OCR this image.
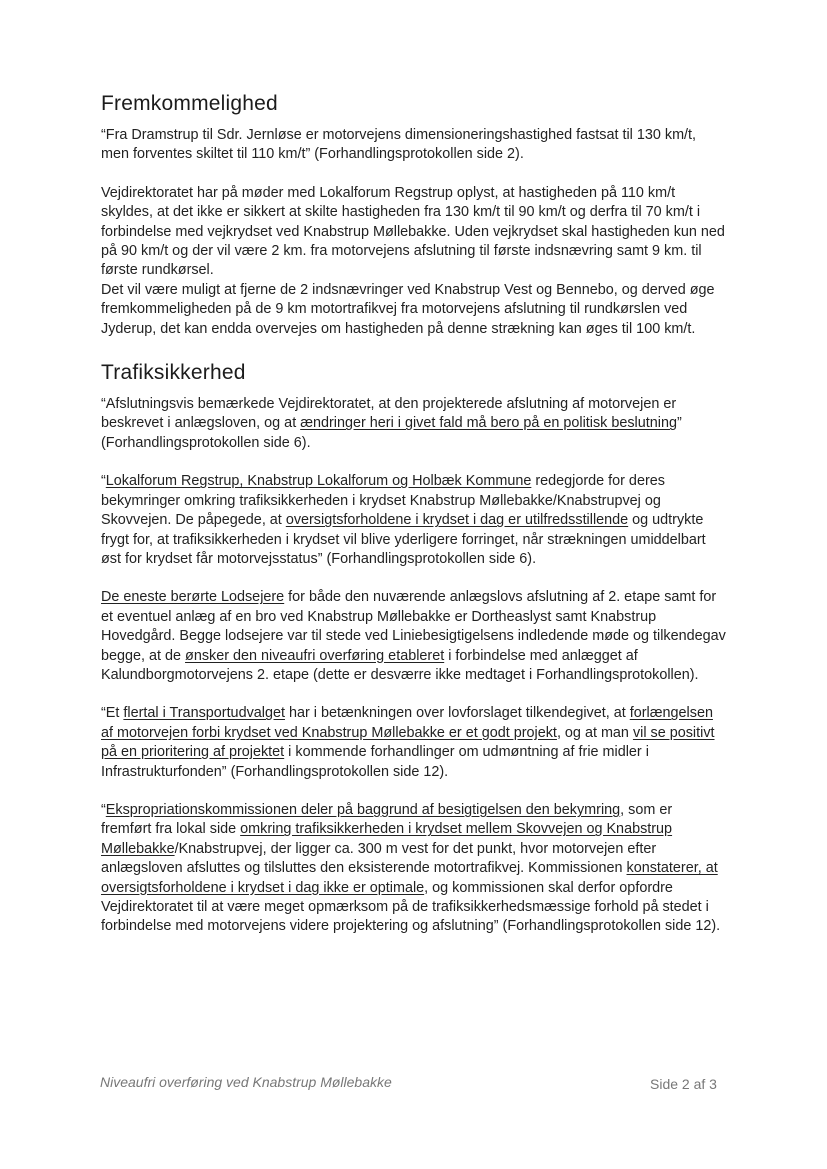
Fremkommelighed

“Fra Dramstrup til Sdr. Jernløse er motorvejens dimensioneringshastighed fastsat til 130 km/t, men forventes skiltet til 110 km/t” (Forhandlingsprotokollen side 2).

Vejdirektoratet har på møder med Lokalforum Regstrup oplyst, at hastigheden på 110 km/t skyldes, at det ikke er sikkert at skilte hastigheden fra 130 km/t til 90 km/t og derfra til 70 km/t i forbindelse med vejkrydset ved Knabstrup Møllebakke. Uden vejkrydset skal hastigheden kun ned på 90 km/t og der vil være 2 km. fra motorvejens afslutning til første indsnævring samt 9 km. til første rundkørsel.

Det vil være muligt at fjerne de 2 indsnævringer ved Knabstrup Vest og Bennebo, og derved øge fremkommeligheden på de 9 km motortrafikvej fra motorvejens afslutning til rundkørslen ved Jyderup, det kan endda overvejes om hastigheden på denne strækning kan øges til 100 km/t.

Trafiksikkerhed

“Afslutningsvis bemærkede Vejdirektoratet, at den projekterede afslutning af motorvejen er beskrevet i anlægsloven, og at ændringer heri i givet fald må bero på en politisk beslutning” (Forhandlingsprotokollen side 6).

“Lokalforum Regstrup, Knabstrup Lokalforum og Holbæk Kommune redegjorde for deres bekymringer omkring trafiksikkerheden i krydset Knabstrup Møllebakke/Knabstrupvej og Skovvejen. De påpegede, at oversigtsforholdene i krydset i dag er utilfredsstillende og udtrykte frygt for, at trafiksikkerheden i krydset vil blive yderligere forringet, når strækningen umiddelbart øst for krydset får motorvejsstatus” (Forhandlingsprotokollen side 6).

De eneste berørte Lodsejere for både den nuværende anlægslovs afslutning af 2. etape samt for et eventuel anlæg af en bro ved Knabstrup Møllebakke er Dortheaslyst samt Knabstrup Hovedgård. Begge lodsejere var til stede ved Liniebesigtigelsens indledende møde og tilkendegav begge, at de ønsker den niveaufri overføring etableret i forbindelse med anlægget af Kalundborgmotorvejens 2. etape (dette er desværre ikke medtaget i Forhandlingsprotokollen).

“Et flertal i Transportudvalget har i betænkningen over lovforslaget tilkendegivet, at forlængelsen af motorvejen forbi krydset ved Knabstrup Møllebakke er et godt projekt, og at man vil se positivt på en prioritering af projektet i kommende forhandlinger om udmøntning af frie midler i Infrastrukturfonden” (Forhandlingsprotokollen side 12).

“Ekspropriationskommissionen deler på baggrund af besigtigelsen den bekymring, som er fremført fra lokal side omkring trafiksikkerheden i krydset mellem Skovvejen og Knabstrup Møllebakke/Knabstrupvej, der ligger ca. 300 m vest for det punkt, hvor motorvejen efter anlægsloven afsluttes og tilsluttes den eksisterende motortrafikvej. Kommissionen konstaterer, at oversigtsforholdene i krydset i dag ikke er optimale, og kommissionen skal derfor opfordre Vejdirektoratet til at være meget opmærksom på de trafiksikkerhedsmæssige forhold på stedet i forbindelse med motorvejens videre projektering og afslutning” (Forhandlingsprotokollen side 12).

Niveaufri overføring ved Knabstrup Møllebakke	Side 2 af 3
